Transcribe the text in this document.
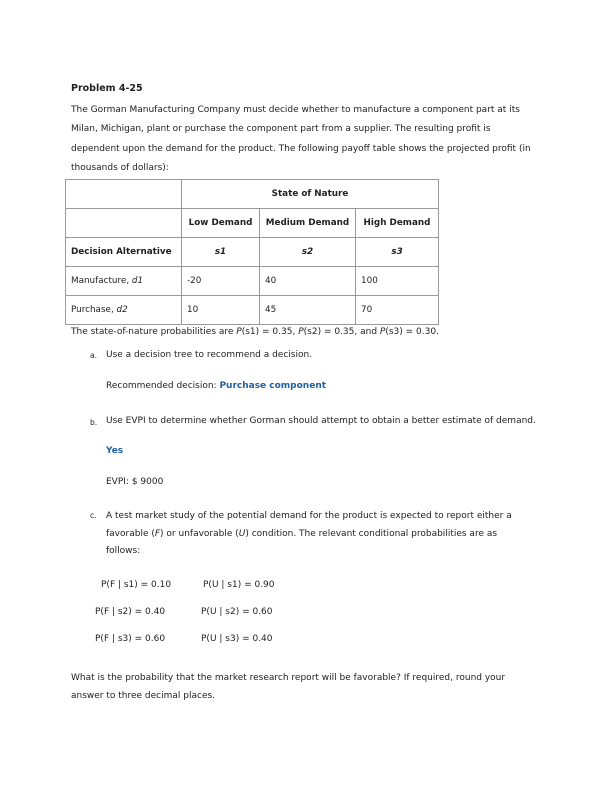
Problem 4-25
The Gorman Manufacturing Company must decide whether to manufacture a component part at its Milan, Michigan, plant or purchase the component part from a supplier. The resulting profit is dependent upon the demand for the product. The following payoff table shows the projected profit (in thousands of dollars):
	State of Nature		
	Low Demand	Medium Demand	High Demand
Decision Alternative	s1	s2	s3
Manufacture, d1	-20	40	100
Purchase, d2	10	45	70
The state-of-nature probabilities are P(s1) = 0.35, P(s2) = 0.35, and P(s3) = 0.30.
a. Use a decision tree to recommend a decision.
Recommended decision: Purchase component
b. Use EVPI to determine whether Gorman should attempt to obtain a better estimate of demand.
Yes
EVPI: $ 9000
c. A test market study of the potential demand for the product is expected to report either a favorable (F) or unfavorable (U) condition. The relevant conditional probabilities are as follows:
P(F | s1) = 0.10	P(U | s1) = 0.90
P(F | s2) = 0.40	P(U | s2) = 0.60
P(F | s3) = 0.60	P(U | s3) = 0.40
What is the probability that the market research report will be favorable? If required, round your answer to three decimal places.
